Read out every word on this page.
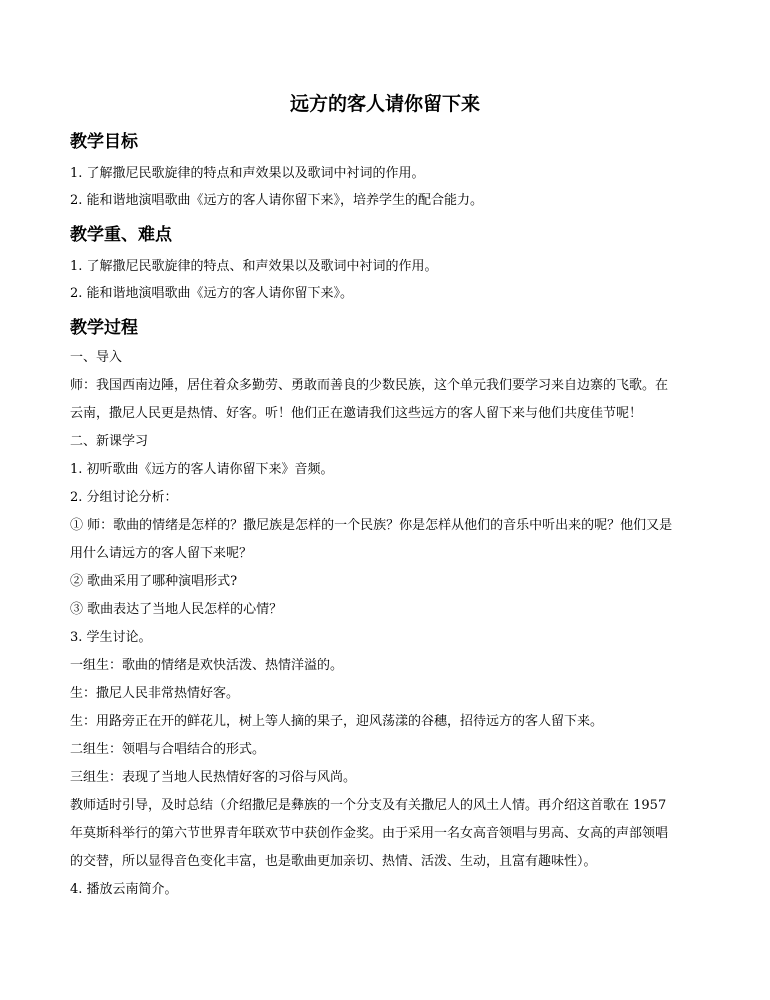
远方的客人请你留下来
教学目标
1. 了解撒尼民歌旋律的特点和声效果以及歌词中衬词的作用。
2. 能和谐地演唱歌曲《远方的客人请你留下来》，培养学生的配合能力。
教学重、难点
1. 了解撒尼民歌旋律的特点、和声效果以及歌词中衬词的作用。
2. 能和谐地演唱歌曲《远方的客人请你留下来》。
教学过程
一、导入
师：我国西南边陲，居住着众多勤劳、勇敢而善良的少数民族，这个单元我们要学习来自边寨的飞歌。在
云南，撒尼人民更是热情、好客。听！他们正在邀请我们这些远方的客人留下来与他们共度佳节呢！
二、新课学习
1. 初听歌曲《远方的客人请你留下来》音频。
2. 分组讨论分析：
① 师：歌曲的情绪是怎样的？撒尼族是怎样的一个民族？你是怎样从他们的音乐中听出来的呢？他们又是
用什么请远方的客人留下来呢？
② 歌曲采用了哪种演唱形式?
③ 歌曲表达了当地人民怎样的心情？
3. 学生讨论。
一组生：歌曲的情绪是欢快活泼、热情洋溢的。
生：撒尼人民非常热情好客。
生：用路旁正在开的鲜花儿，树上等人摘的果子，迎风荡漾的谷穗，招待远方的客人留下来。
二组生：领唱与合唱结合的形式。
三组生：表现了当地人民热情好客的习俗与风尚。
教师适时引导，及时总结（介绍撒尼是彝族的一个分支及有关撒尼人的风土人情。再介绍这首歌在 1957
年莫斯科举行的第六节世界青年联欢节中获创作金奖。由于采用一名女高音领唱与男高、女高的声部领唱
的交替，所以显得音色变化丰富，也是歌曲更加亲切、热情、活泼、生动，且富有趣味性）。
4. 播放云南简介。
